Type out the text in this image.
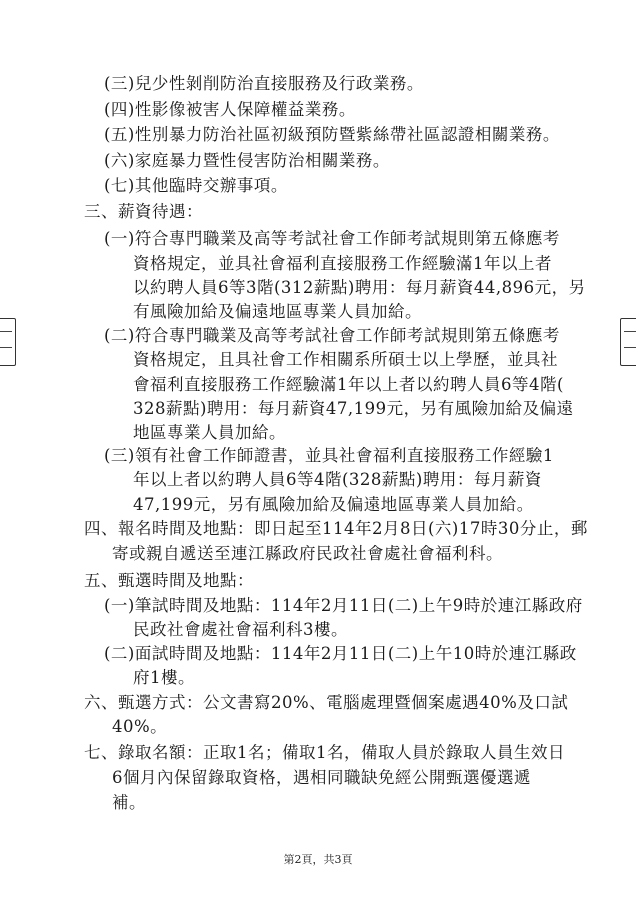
(三)兒少性剝削防治直接服務及行政業務。
(四)性影像被害人保障權益業務。
(五)性別暴力防治社區初級預防暨紫絲帶社區認證相關業務。
(六)家庭暴力暨性侵害防治相關業務。
(七)其他臨時交辦事項。
三、薪資待遇：
(一)符合專門職業及高等考試社會工作師考試規則第五條應考
資格規定，並具社會福利直接服務工作經驗滿1年以上者
以約聘人員6等3階(312薪點)聘用：每月薪資44,896元，另
有風險加給及偏遠地區專業人員加給。
(二)符合專門職業及高等考試社會工作師考試規則第五條應考
資格規定，且具社會工作相關系所碩士以上學歷，並具社
會福利直接服務工作經驗滿1年以上者以約聘人員6等4階(
328薪點)聘用：每月薪資47,199元，另有風險加給及偏遠
地區專業人員加給。
(三)領有社會工作師證書，並具社會福利直接服務工作經驗1
年以上者以約聘人員6等4階(328薪點)聘用：每月薪資
47,199元，另有風險加給及偏遠地區專業人員加給。
四、報名時間及地點：即日起至114年2月8日(六)17時30分止，郵
寄或親自遞送至連江縣政府民政社會處社會福利科。
五、甄選時間及地點：
(一)筆試時間及地點：114年2月11日(二)上午9時於連江縣政府
民政社會處社會福利科3樓。
(二)面試時間及地點：114年2月11日(二)上午10時於連江縣政
府1樓。
六、甄選方式：公文書寫20%、電腦處理暨個案處遇40%及口試
40%。
七、錄取名額：正取1名；備取1名，備取人員於錄取人員生效日
6個月內保留錄取資格，遇相同職缺免經公開甄選優選遞
補。
第2頁，共3頁
